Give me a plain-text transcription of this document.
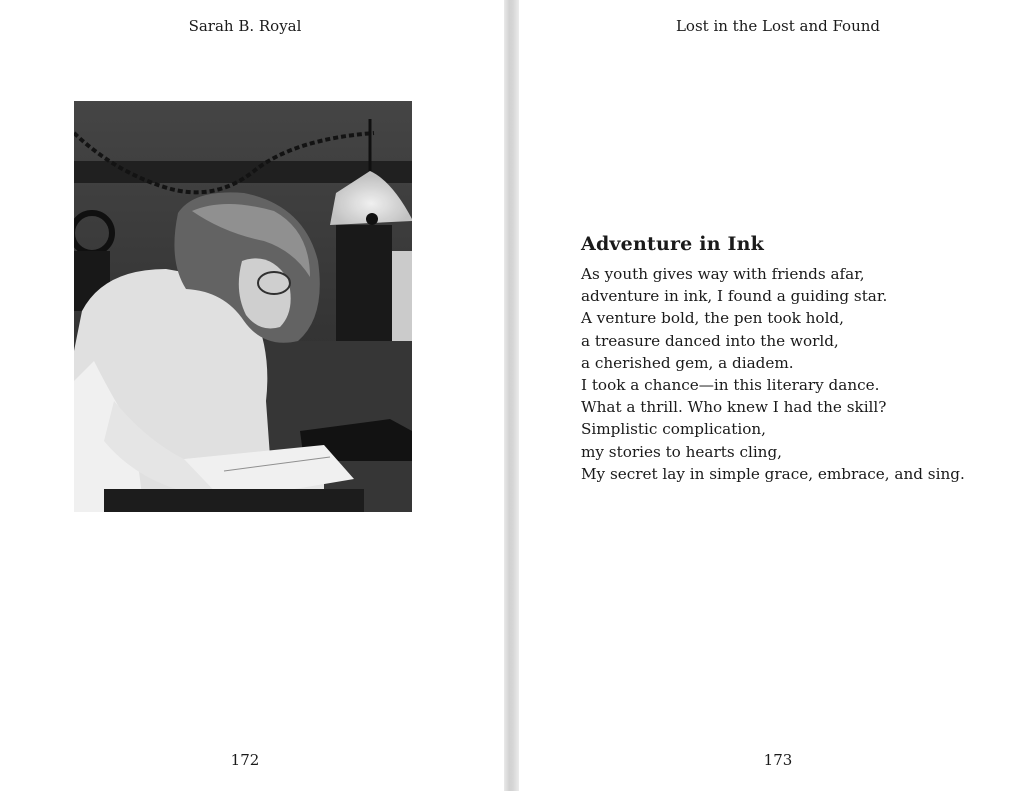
Sarah B. Royal
172
Lost in the Lost and Found
Adventure in Ink
As youth gives way with friends afar,
adventure in ink, I found a guiding star.
A venture bold, the pen took hold,
a treasure danced into the world,
a cherished gem, a diadem.
I took a chance—in this literary dance.
What a thrill. Who knew I had the skill?
Simplistic complication,
my stories to hearts cling,
My secret lay in simple grace, embrace, and sing.
173
